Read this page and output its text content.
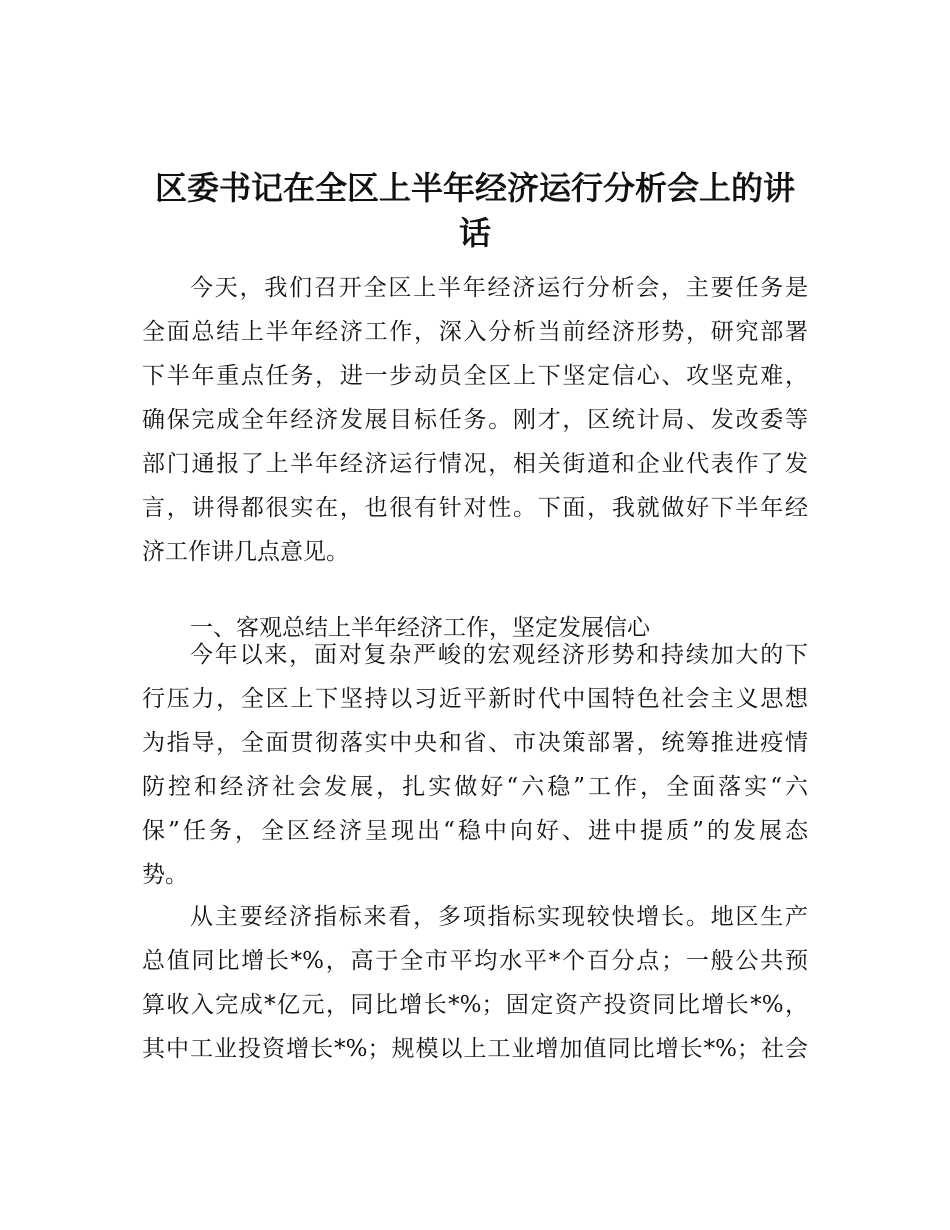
区委书记在全区上半年经济运行分析会上的讲
话
今天，我们召开全区上半年经济运行分析会，主要任务是
全面总结上半年经济工作，深入分析当前经济形势，研究部署
下半年重点任务，进一步动员全区上下坚定信心、攻坚克难，
确保完成全年经济发展目标任务。刚才，区统计局、发改委等
部门通报了上半年经济运行情况，相关街道和企业代表作了发
言，讲得都很实在，也很有针对性。下面，我就做好下半年经
济工作讲几点意见。
一、客观总结上半年经济工作，坚定发展信心
今年以来，面对复杂严峻的宏观经济形势和持续加大的下
行压力，全区上下坚持以习近平新时代中国特色社会主义思想
为指导，全面贯彻落实中央和省、市决策部署，统筹推进疫情
防控和经济社会发展，扎实做好“六稳”工作，全面落实“六
保”任务，全区经济呈现出“稳中向好、进中提质”的发展态
势。
从主要经济指标来看，多项指标实现较快增长。地区生产
总值同比增长*%，高于全市平均水平*个百分点；一般公共预
算收入完成*亿元，同比增长*%；固定资产投资同比增长*%，
其中工业投资增长*%；规模以上工业增加值同比增长*%；社会
